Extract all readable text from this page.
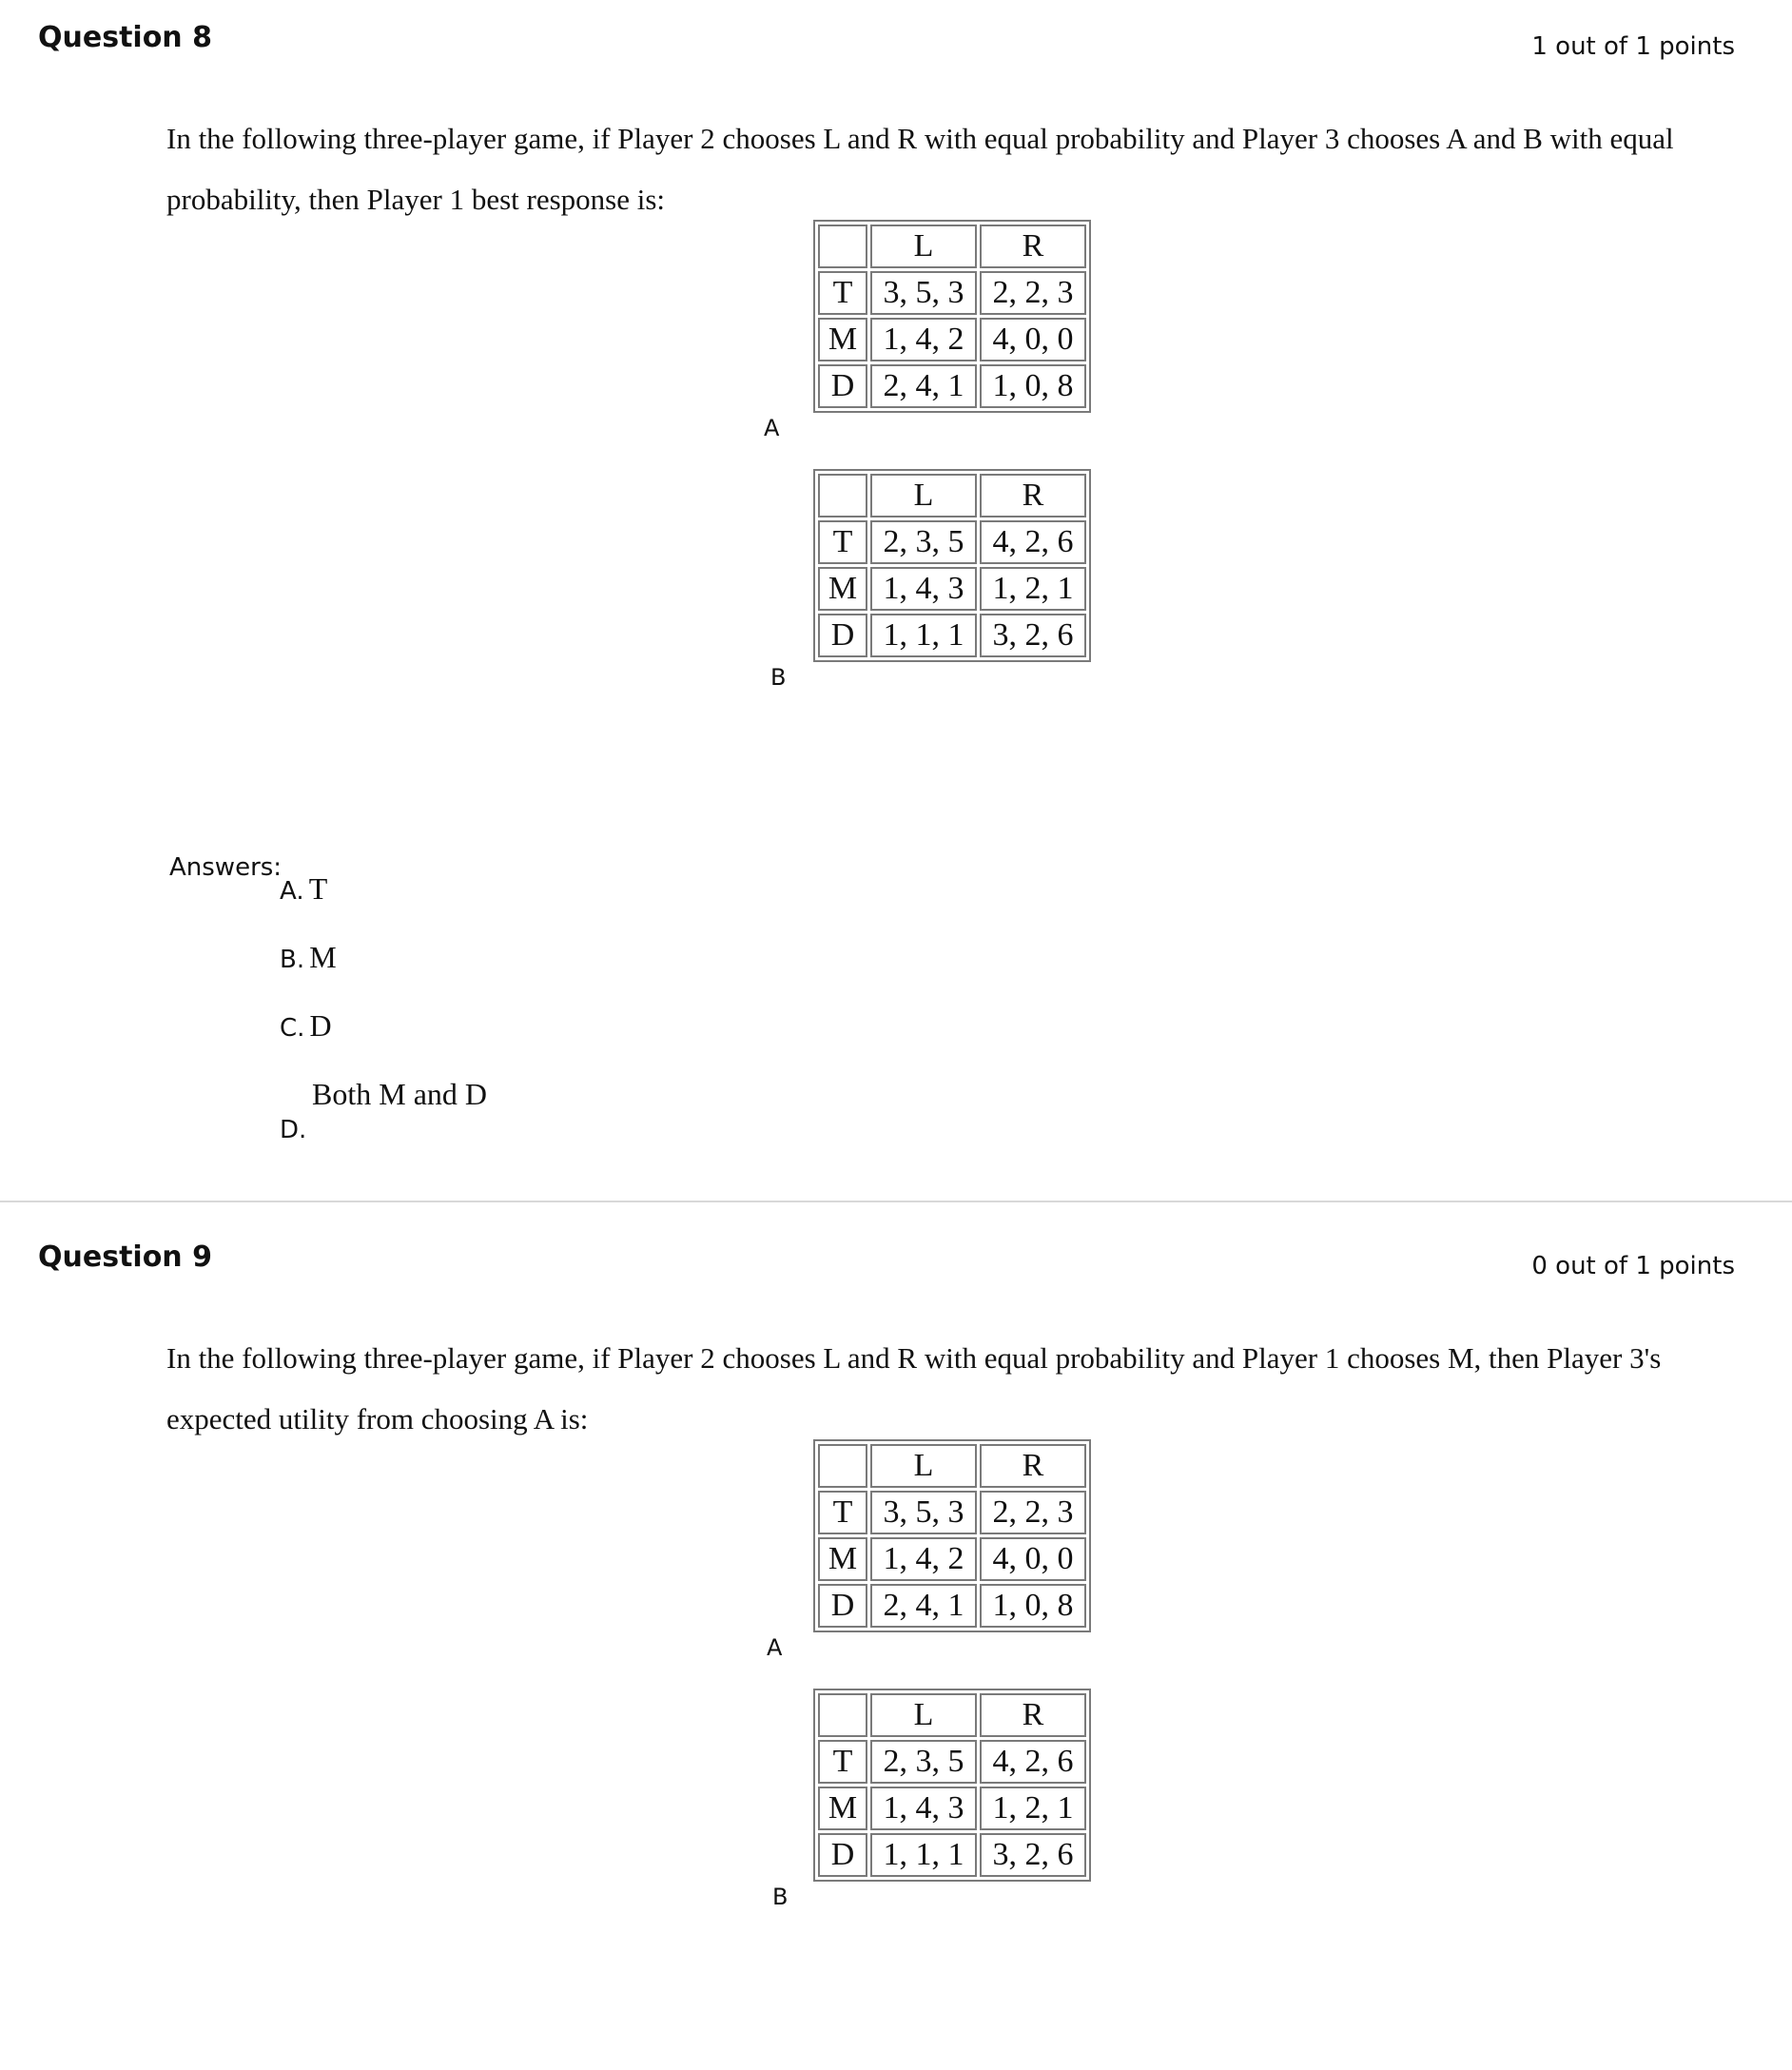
Question 8	1 out of 1 points
In the following three-player game, if Player 2 chooses L and R with equal probability and Player 3 chooses A and B with equal probability, then Player 1 best response is:
	L	R
T	3, 5, 3	2, 2, 3
M	1, 4, 2	4, 0, 0
D	2, 4, 1	1, 0, 8
A
	L	R
T	2, 3, 5	4, 2, 6
M	1, 4, 3	1, 2, 1
D	1, 1, 1	3, 2, 6
B
Answers:
A. T
B. M
C. D
Both M and D
D.
Question 9	0 out of 1 points
In the following three-player game, if Player 2 chooses L and R with equal probability and Player 1 chooses M, then Player 3's expected utility from choosing A is:
	L	R
T	3, 5, 3	2, 2, 3
M	1, 4, 2	4, 0, 0
D	2, 4, 1	1, 0, 8
A
	L	R
T	2, 3, 5	4, 2, 6
M	1, 4, 3	1, 2, 1
D	1, 1, 1	3, 2, 6
B
